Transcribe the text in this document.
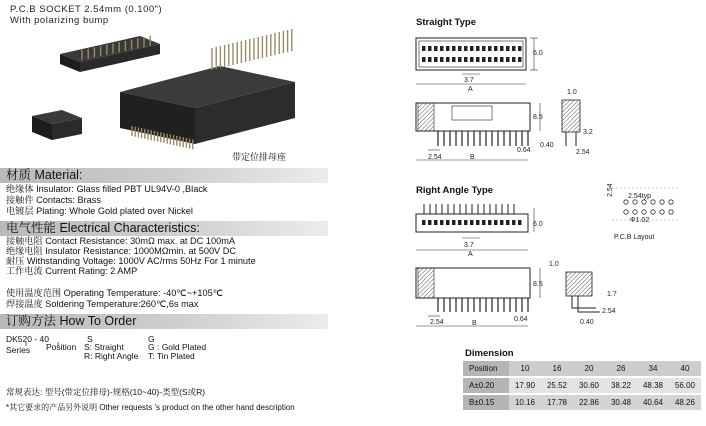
P.C.B SOCKET 2.54mm (0.100")
With polarizing bump
带定位排母座
材质 Material:
绝缘体 Insulator: Glass filled PBT UL94V-0 ,Black
接触件 Contacts: Brass
电镀层 Plating: Whole Gold plated over Nickel
电气性能 Electrical Characteristics:
接触电阻 Contact Resistance: 30mΩ max. at DC 100mA
绝缘电阻 Insulator Resistance: 1000MΩmin. at 500V DC
耐压 Withstanding Voltage: 1000V AC/rms 50Hz For 1 minute
工作电流 Current Rating: 2 AMP
使用温度范围 Operating Temperature: -40℃~+105℃
焊接温度 Soldering Temperature:260℃,6s max
订购方法 How To Order
DK520 - 40	S	G
Series Position S: Straight
R: Right Angle
G : Gold Plated
T: Tin Plated
常规表达: 型号(带定位排母)-规格(10~40)-类型(S或R)
*其它要求的产品另外说明 Other requests 's product on the other hand description
Straight Type
Right Angle Type
6.0
3.7
A
8.5
2.54	B
0.64
1.0
3.2
0.40
2.54
6.0
3.7
A
8.5
2.54	B
0.64
1.0
1.7
2.54
0.40
2.54typ
Φ1.02
2.54
P.C.B Layout
Dimension
Position	10	16	20	26	34	40
A±0.20	17.90	25.52	30.60	38.22	48.38	56.00
B±0.15	10.16	17.78	22.86	30.48	40.64	48.26
